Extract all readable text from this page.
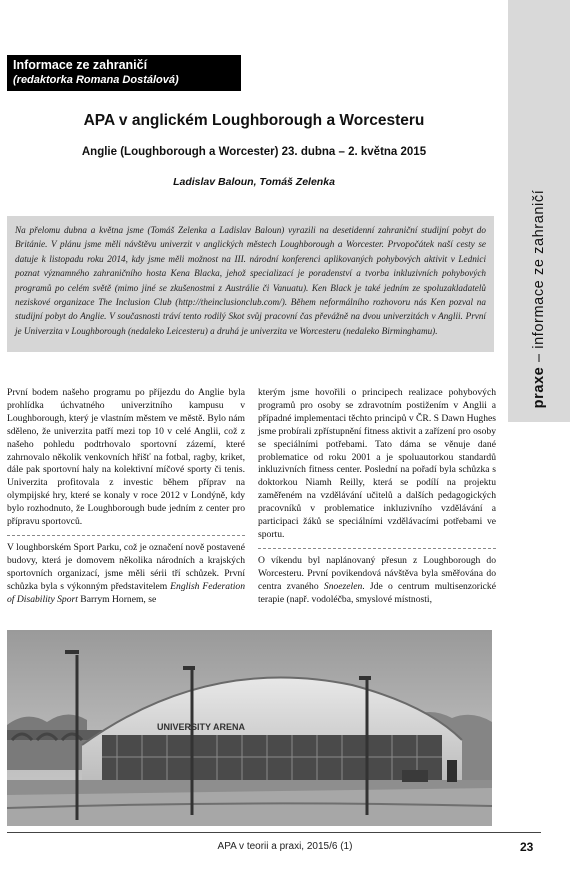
praxe – informace ze zahraničí
Informace ze zahraničí
(redaktorka Romana Dostálová)
APA v anglickém Loughborough a Worcesteru
Anglie (Loughborough a Worcester) 23. dubna – 2. května 2015
Ladislav Baloun, Tomáš Zelenka
Na přelomu dubna a května jsme (Tomáš Zelenka a Ladislav Baloun) vyrazili na desetidenní zahraniční studijní pobyt do Británie. V plánu jsme měli návštěvu univerzit v anglických městech Loughborough a Worcester. Prvopočátek naší cesty se datuje k listopadu roku 2014, kdy jsme měli možnost na III. národní konferenci aplikovaných pohybových aktivit v Lednici poznat významného zahraničního hosta Kena Blacka, jehož specializací je poradenství a tvorba inkluzivních pohybových programů po celém světě (mimo jiné se zkušenostmi z Austrálie či Vanuatu). Ken Black je také jedním ze spoluzakladatelů neziskové organizace The Inclusion Club (http://theinclusionclub.com/). Během neformálního rozhovoru nás Ken pozval na studijní pobyt do Anglie. V současnosti tráví tento rodilý Skot svůj pracovní čas převážně na dvou univerzitách v Anglii. První je Univerzita v Loughborough (nedaleko Leicesteru) a druhá je univerzita ve Worcesteru (nedaleko Birminghamu).

První bodem našeho programu po příjezdu do Anglie byla prohlídka úchvatného univerzitního kampusu v Loughborough, který je vlastním městem ve městě. Bylo nám sděleno, že univerzita patří mezi top 10 v celé Anglii, což z našeho pohledu podtrhovalo sportovní zázemí, které zahrnovalo několik venkovních hřišť na fotbal, ragby, kriket, dále pak sportovní haly na kolektivní míčové sporty či tenis. Univerzita profitovala z investic během příprav na olympijské hry, které se konaly v roce 2012 v Londýně, kdy bylo rozhodnuto, že Loughborough bude jedním z center pro přípravu sportovců.

V loughborském Sport Parku, což je označení nově postavené budovy, která je domovem několika národních a krajských sportovních organizací, jsme měli sérii tří schůzek. První schůzka byla s výkonným představitelem English Federation of Disability Sport Barrym Hornem, se

kterým jsme hovořili o principech realizace pohybových programů pro osoby se zdravotním postižením v Anglii a případné implementaci těchto principů v ČR. S Dawn Hughes jsme probírali zpřístupnění fitness aktivit a zařízení pro osoby se speciálními potřebami. Tato dáma se věnuje dané problematice od roku 2001 a je spoluautorkou standardů inkluzivních fitness center. Poslední na pořadí byla schůzka s doktorkou Niamh Reilly, která se podílí na projektu zaměřeném na vzdělávání učitelů a dalších pedagogických pracovníků v problematice inkluzivního vzdělávání a participaci žáků se speciálními vzdělávacími potřebami ve sportu.

O víkendu byl naplánovaný přesun z Loughborough do Worcesteru. První povikendová návštěva byla směřována do centra zvaného Snoezelen. Jde o centrum multisenzorické terapie (např. vodoléčba, smyslové místnosti,

UNIVERSITY ARENA
APA v teorii a praxi, 2015/6 (1)	23
